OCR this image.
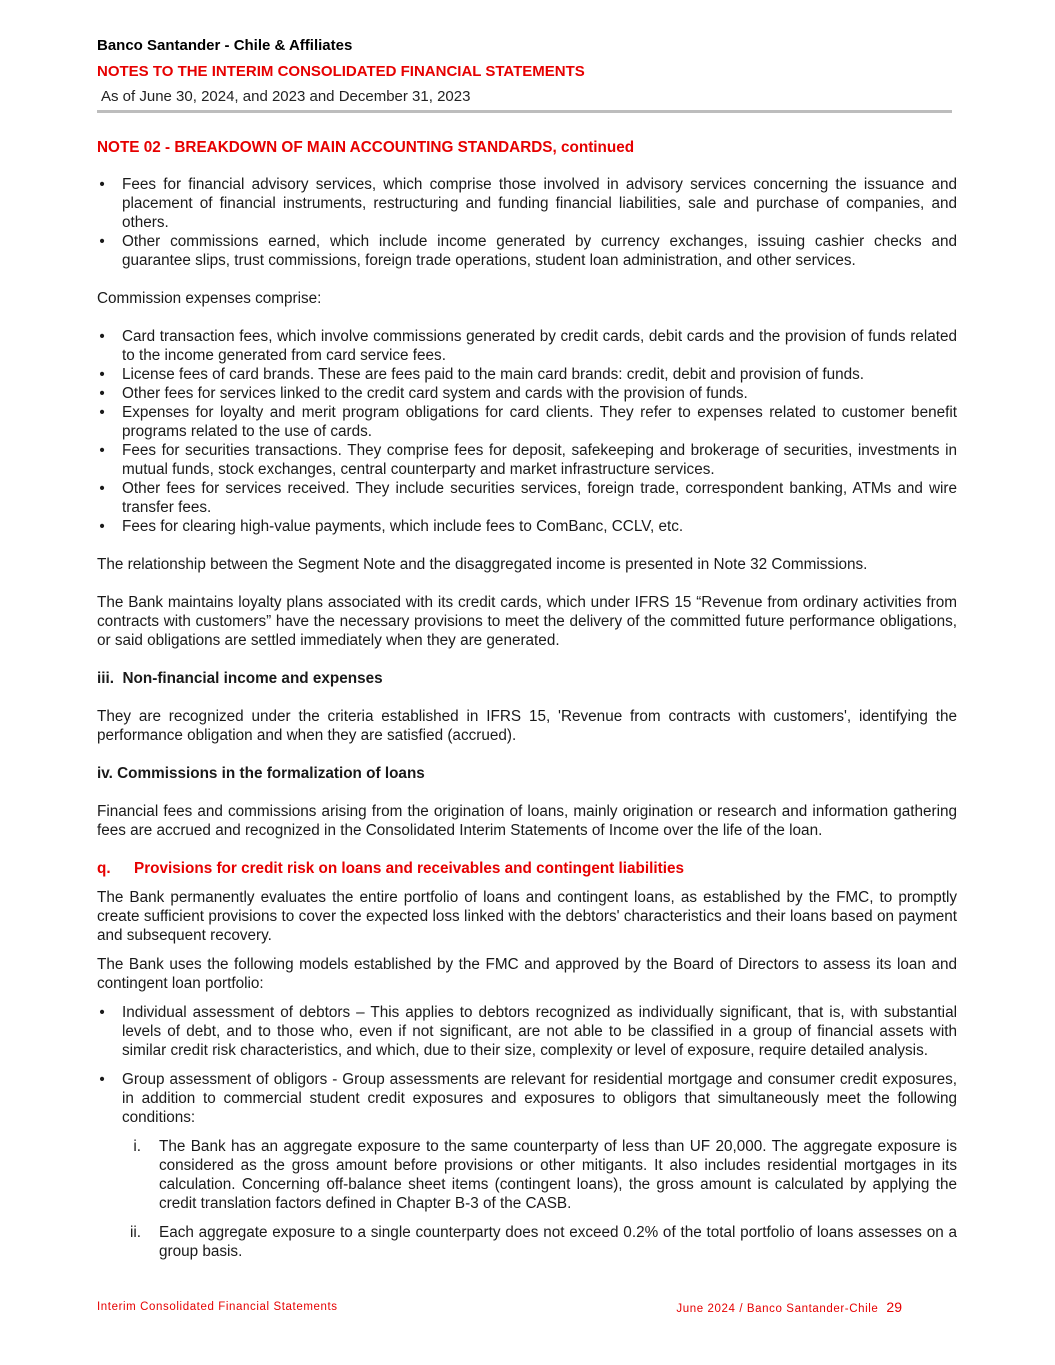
Banco Santander - Chile & Affiliates

NOTES TO THE INTERIM CONSOLIDATED FINANCIAL STATEMENTS

As of June 30, 2024, and 2023 and December 31, 2023

NOTE 02 - BREAKDOWN OF MAIN ACCOUNTING STANDARDS, continued

• Fees for financial advisory services, which comprise those involved in advisory services concerning the issuance and placement of financial instruments, restructuring and funding financial liabilities, sale and purchase of companies, and others.
• Other commissions earned, which include income generated by currency exchanges, issuing cashier checks and guarantee slips, trust commissions, foreign trade operations, student loan administration, and other services.

Commission expenses comprise:

• Card transaction fees, which involve commissions generated by credit cards, debit cards and the provision of funds related to the income generated from card service fees.
• License fees of card brands. These are fees paid to the main card brands: credit, debit and provision of funds.
• Other fees for services linked to the credit card system and cards with the provision of funds.
• Expenses for loyalty and merit program obligations for card clients. They refer to expenses related to customer benefit programs related to the use of cards.
• Fees for securities transactions. They comprise fees for deposit, safekeeping and brokerage of securities, investments in mutual funds, stock exchanges, central counterparty and market infrastructure services.
• Other fees for services received. They include securities services, foreign trade, correspondent banking, ATMs and wire transfer fees.
• Fees for clearing high-value payments, which include fees to ComBanc, CCLV, etc.

The relationship between the Segment Note and the disaggregated income is presented in Note 32 Commissions.

The Bank maintains loyalty plans associated with its credit cards, which under IFRS 15 “Revenue from ordinary activities from contracts with customers” have the necessary provisions to meet the delivery of the committed future performance obligations, or said obligations are settled immediately when they are generated.

iii. Non-financial income and expenses

They are recognized under the criteria established in IFRS 15, 'Revenue from contracts with customers', identifying the performance obligation and when they are satisfied (accrued).

iv. Commissions in the formalization of loans

Financial fees and commissions arising from the origination of loans, mainly origination or research and information gathering fees are accrued and recognized in the Consolidated Interim Statements of Income over the life of the loan.

q. Provisions for credit risk on loans and receivables and contingent liabilities

The Bank permanently evaluates the entire portfolio of loans and contingent loans, as established by the FMC, to promptly create sufficient provisions to cover the expected loss linked with the debtors' characteristics and their loans based on payment and subsequent recovery.

The Bank uses the following models established by the FMC and approved by the Board of Directors to assess its loan and contingent loan portfolio:

• Individual assessment of debtors – This applies to debtors recognized as individually significant, that is, with substantial levels of debt, and to those who, even if not significant, are not able to be classified in a group of financial assets with similar credit risk characteristics, and which, due to their size, complexity or level of exposure, require detailed analysis.
• Group assessment of obligors - Group assessments are relevant for residential mortgage and consumer credit exposures, in addition to commercial student credit exposures and exposures to obligors that simultaneously meet the following conditions:
i. The Bank has an aggregate exposure to the same counterparty of less than UF 20,000. The aggregate exposure is considered as the gross amount before provisions or other mitigants. It also includes residential mortgages in its calculation. Concerning off-balance sheet items (contingent loans), the gross amount is calculated by applying the credit translation factors defined in Chapter B-3 of the CASB.
ii. Each aggregate exposure to a single counterparty does not exceed 0.2% of the total portfolio of loans assesses on a group basis.
Interim Consolidated Financial Statements	June 2024 / Banco Santander-Chile 29
